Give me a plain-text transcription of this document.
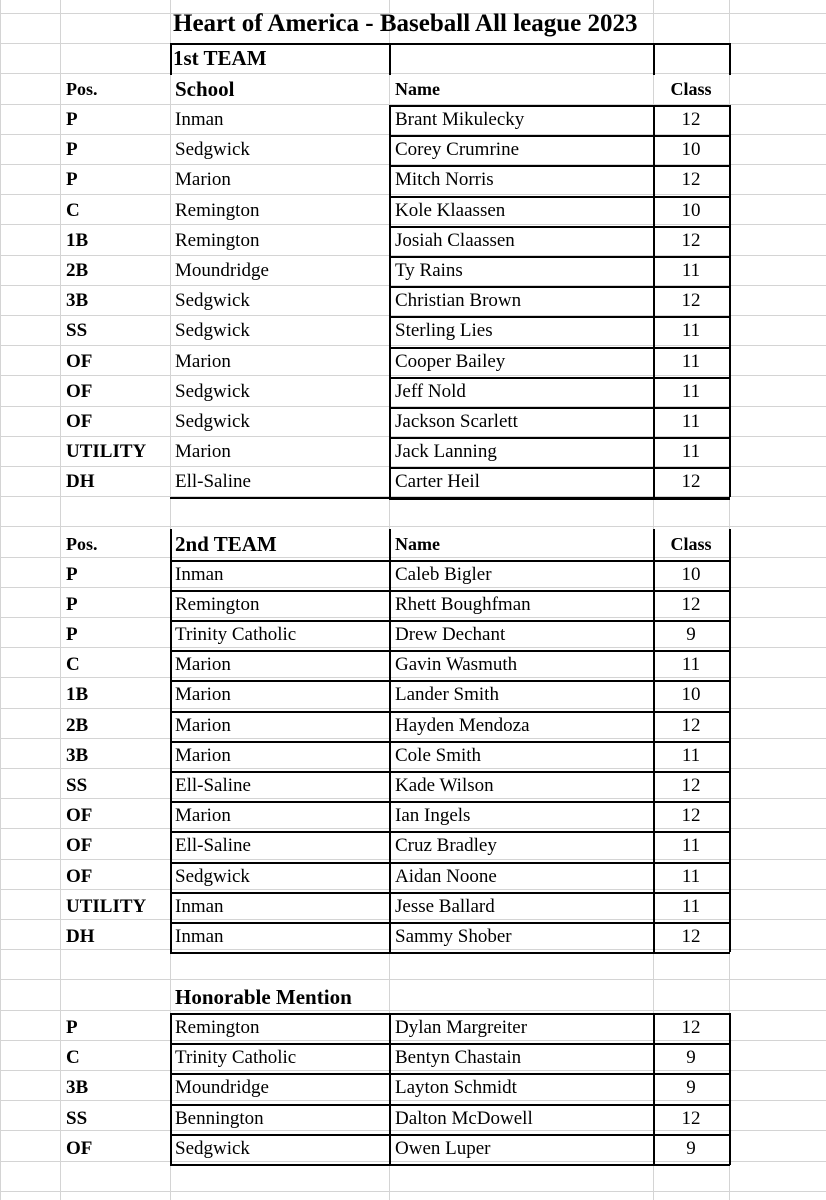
Heart of America - Baseball All league 2023
1st TEAM
Pos.	School	Name	Class
P	Inman	Brant Mikulecky	12
P	Sedgwick	Corey Crumrine	10
P	Marion	Mitch Norris	12
C	Remington	Kole Klaassen	10
1B	Remington	Josiah Claassen	12
2B	Moundridge	Ty Rains	11
3B	Sedgwick	Christian Brown	12
SS	Sedgwick	Sterling Lies	11
OF	Marion	Cooper Bailey	11
OF	Sedgwick	Jeff Nold	11
OF	Sedgwick	Jackson Scarlett	11
UTILITY Marion	Jack Lanning	11
DH	Ell-Saline	Carter Heil	12
Pos.	2nd TEAM	Name	Class
P	Inman	Caleb Bigler	10
P	Remington	Rhett Boughfman	12
P	Trinity Catholic	Drew Dechant	9
C	Marion	Gavin Wasmuth	11
1B	Marion	Lander Smith	10
2B	Marion	Hayden Mendoza	12
3B	Marion	Cole Smith	11
SS	Ell-Saline	Kade Wilson	12
OF	Marion	Ian Ingels	12
OF	Ell-Saline	Cruz Bradley	11
OF	Sedgwick	Aidan Noone	11
UTILITY Inman	Jesse Ballard	11
DH	Inman	Sammy Shober	12
Honorable Mention
P	Remington	Dylan Margreiter	12
C	Trinity Catholic	Bentyn Chastain	9
3B	Moundridge	Layton Schmidt	9
SS	Bennington	Dalton McDowell	12
OF	Sedgwick	Owen Luper	9
